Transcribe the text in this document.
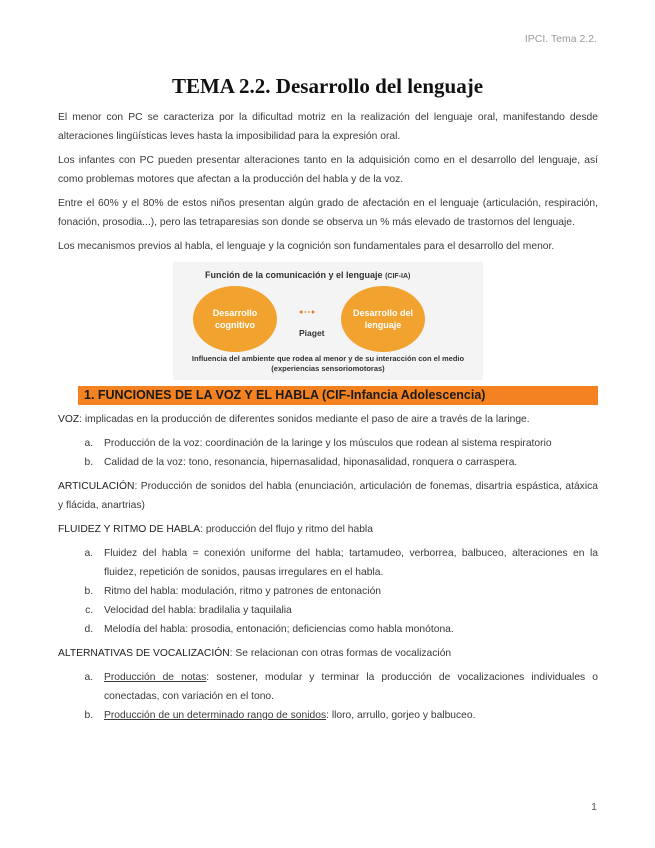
IPCI. Tema 2.2.
TEMA 2.2. Desarrollo del lenguaje

El menor con PC se caracteriza por la dificultad motriz en la realización del lenguaje oral, manifestando desde alteraciones lingüísticas leves hasta la imposibilidad para la expresión oral.

Los infantes con PC pueden presentar alteraciones tanto en la adquisición como en el desarrollo del lenguaje, así como problemas motores que afectan a la producción del habla y de la voz.

Entre el 60% y el 80% de estos niños presentan algún grado de afectación en el lenguaje (articulación, respiración, fonación, prosodia...), pero las tetraparesias son donde se observa un % más elevado de trastornos del lenguaje.

Los mecanismos previos al habla, el lenguaje y la cognición son fundamentales para el desarrollo del menor.

Función de la comunicación y el lenguaje (CIF-IA)
Desarrollo cognitivo
Piaget
Desarrollo del lenguaje
Influencia del ambiente que rodea al menor y de su interacción con el medio
(experiencias sensoriomotoras)
1. FUNCIONES DE LA VOZ Y EL HABLA (CIF-Infancia Adolescencia)

VOZ: implicadas en la producción de diferentes sonidos mediante el paso de aire a través de la laringe.

a. Producción de la voz: coordinación de la laringe y los músculos que rodean al sistema respiratorio
b. Calidad de la voz: tono, resonancia, hipernasalidad, hiponasalidad, ronquera o carraspera.

ARTICULACIÓN: Producción de sonidos del habla (enunciación, articulación de fonemas, disartria espástica, atáxica y flácida, anartrias)

FLUIDEZ Y RITMO DE HABLA: producción del flujo y ritmo del habla

a. Fluidez del habla = conexión uniforme del habla; tartamudeo, verborrea, balbuceo, alteraciones en la fluidez, repetición de sonidos, pausas irregulares en el habla.
b. Ritmo del habla: modulación, ritmo y patrones de entonación
c. Velocidad del habla: bradilalia y taquilalia
d. Melodía del habla: prosodia, entonación; deficiencias como habla monótona.

ALTERNATIVAS DE VOCALIZACIÓN: Se relacionan con otras formas de vocalización

a. Producción de notas: sostener, modular y terminar la producción de vocalizaciones individuales o conectadas, con variación en el tono.
b. Producción de un determinado rango de sonidos: lloro, arrullo, gorjeo y balbuceo.
1
